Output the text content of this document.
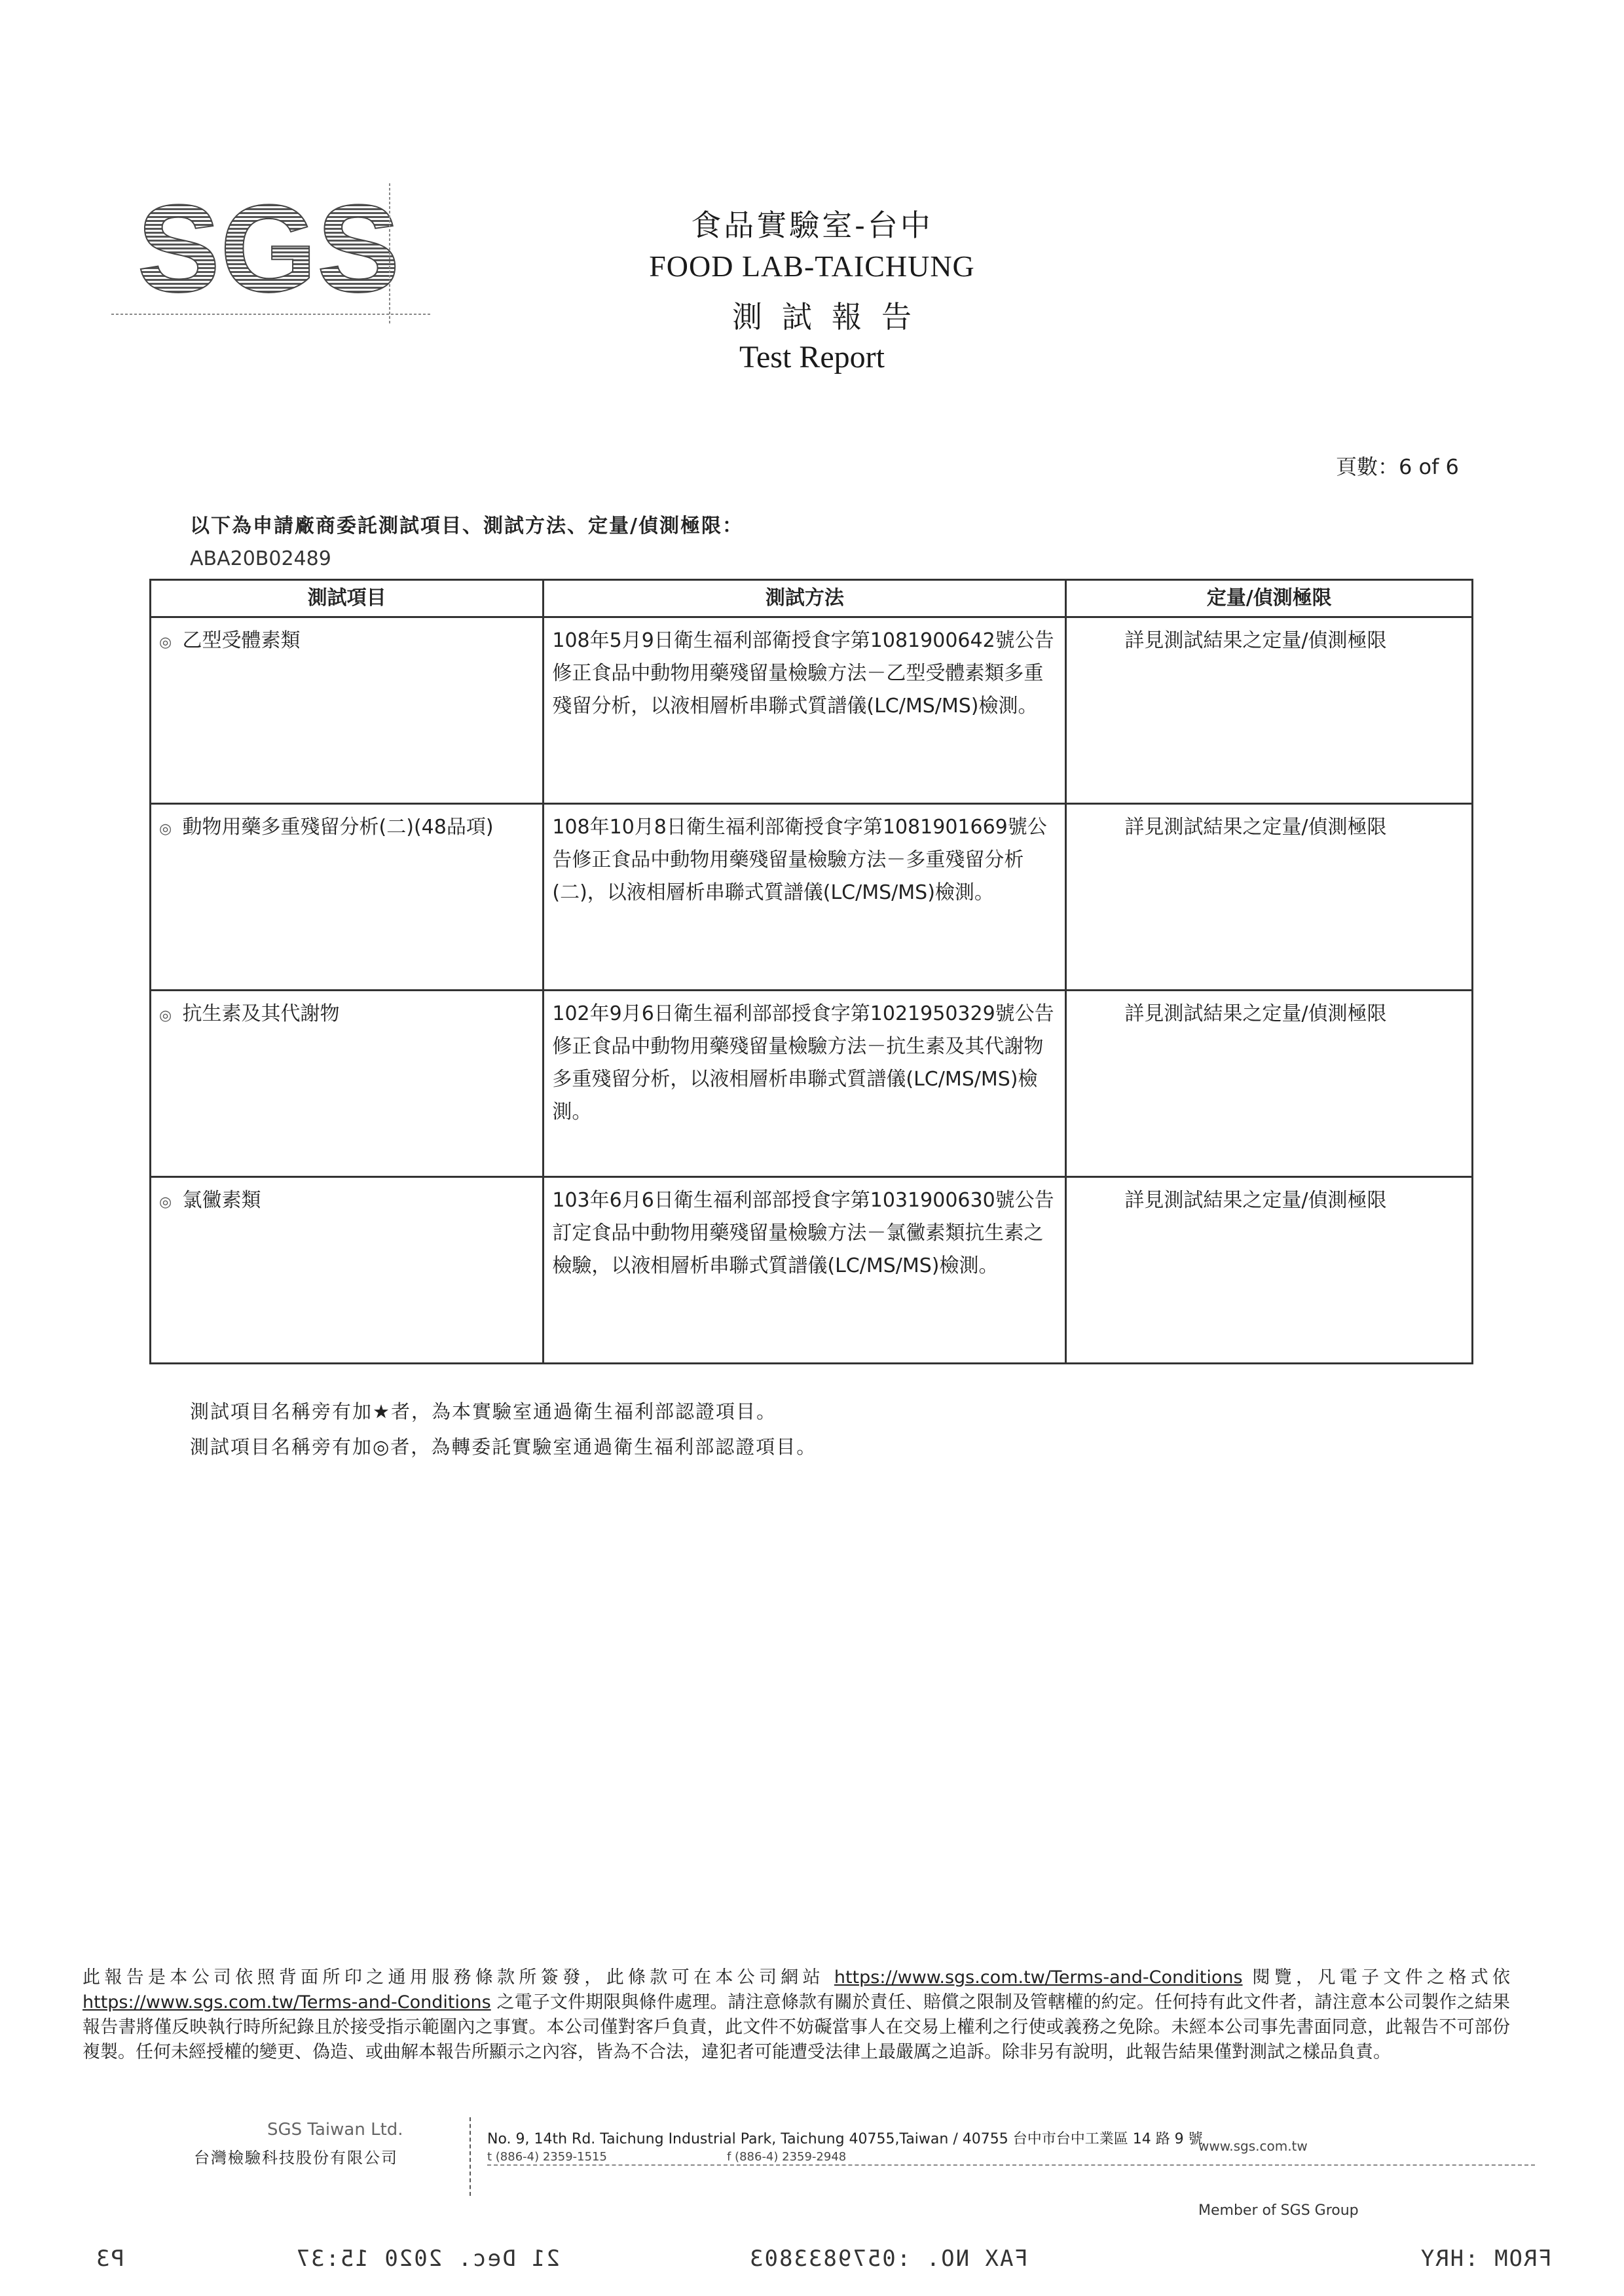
SGS	食品實驗室-台中
FOOD LAB-TAICHUNG
測試報告
Test Report
頁數：6 of 6
以下為申請廠商委託測試項目、測試方法、定量/偵測極限：
ABA20B02489
測試項目	測試方法	定量/偵測極限
◎ 乙型受體素類	108年5月9日衛生福利部衛授食字第1081900642號公告修正食品中動物用藥殘留量檢驗方法－乙型受體素類多重殘留分析，以液相層析串聯式質譜儀(LC/MS/MS)檢測。	詳見測試結果之定量/偵測極限

◎ 動物用藥多重殘留分析(二)(48品項)	108年10月8日衛生福利部衛授食字第1081901669號公告修正食品中動物用藥殘留量檢驗方法－多重殘留分析(二)，以液相層析串聯式質譜儀(LC/MS/MS)檢測。	詳見測試結果之定量/偵測極限

◎ 抗生素及其代謝物	102年9月6日衛生福利部部授食字第1021950329號公告修正食品中動物用藥殘留量檢驗方法－抗生素及其代謝物多重殘留分析，以液相層析串聯式質譜儀(LC/MS/MS)檢測。	詳見測試結果之定量/偵測極限

◎ 氯黴素類	103年6月6日衛生福利部部授食字第1031900630號公告訂定食品中動物用藥殘留量檢驗方法－氯黴素類抗生素之檢驗，以液相層析串聯式質譜儀(LC/MS/MS)檢測。	詳見測試結果之定量/偵測極限
測試項目名稱旁有加★者，為本實驗室通過衛生福利部認證項目。
測試項目名稱旁有加◎者，為轉委託實驗室通過衛生福利部認證項目。
此報告是本公司依照背面所印之通用服務條款所簽發，此條款可在本公司網站 https://www.sgs.com.tw/Terms-and-Conditions 閱覽，凡電子文件之格式依 https://www.sgs.com.tw/Terms-and-Conditions 之電子文件期限與條件處理。請注意條款有關於責任、賠償之限制及管轄權的約定。任何持有此文件者，請注意本公司製作之結果報告書將僅反映執行時所紀錄且於接受指示範圍內之事實。本公司僅對客戶負責，此文件不妨礙當事人在交易上權利之行使或義務之免除。未經本公司事先書面同意，此報告不可部份複製。任何未經授權的變更、偽造、或曲解本報告所顯示之內容，皆為不合法，違犯者可能遭受法律上最嚴厲之追訴。除非另有說明，此報告結果僅對測試之樣品負責。
SGS Taiwan Ltd.
台灣檢驗科技股份有限公司
No. 9, 14th Rd. Taichung Industrial Park, Taichung 40755,Taiwan / 40755 台中市台中工業區 14 路 9 號
t (886-4) 2359-1515	f (886-4) 2359-2948
www.sgs.com.tw
Member of SGS Group
FROM :HRY
FAX NO. :0579833803
21 Dec. 2020 15:37
P3
